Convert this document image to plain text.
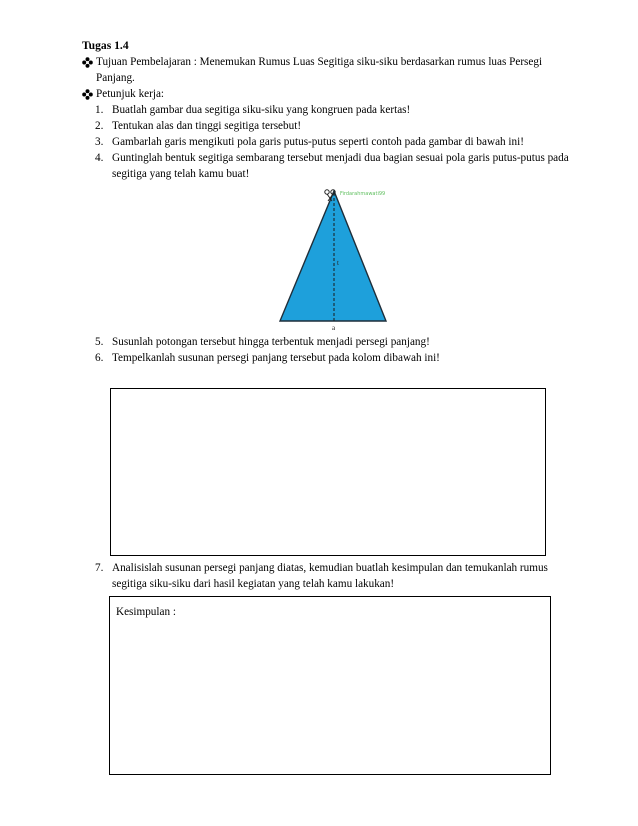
Tugas 1.4
Tujuan Pembelajaran : Menemukan Rumus Luas Segitiga siku-siku berdasarkan rumus luas Persegi Panjang.
Petunjuk kerja:
1. Buatlah gambar dua segitiga siku-siku yang kongruen pada kertas!
2. Tentukan alas dan tinggi segitiga tersebut!
3. Gambarlah garis mengikuti pola garis putus-putus seperti contoh pada gambar di bawah ini!
4. Guntinglah bentuk segitiga sembarang tersebut menjadi dua bagian sesuai pola garis putus-putus pada segitiga yang telah kamu buat!
t
a
Firdarahmawati99
5. Susunlah potongan tersebut hingga terbentuk menjadi persegi panjang!
6. Tempelkanlah susunan persegi panjang tersebut pada kolom dibawah ini!
7. Analisislah susunan persegi panjang diatas, kemudian buatlah kesimpulan dan temukanlah rumus segitiga siku-siku dari hasil kegiatan yang telah kamu lakukan!
Kesimpulan :
